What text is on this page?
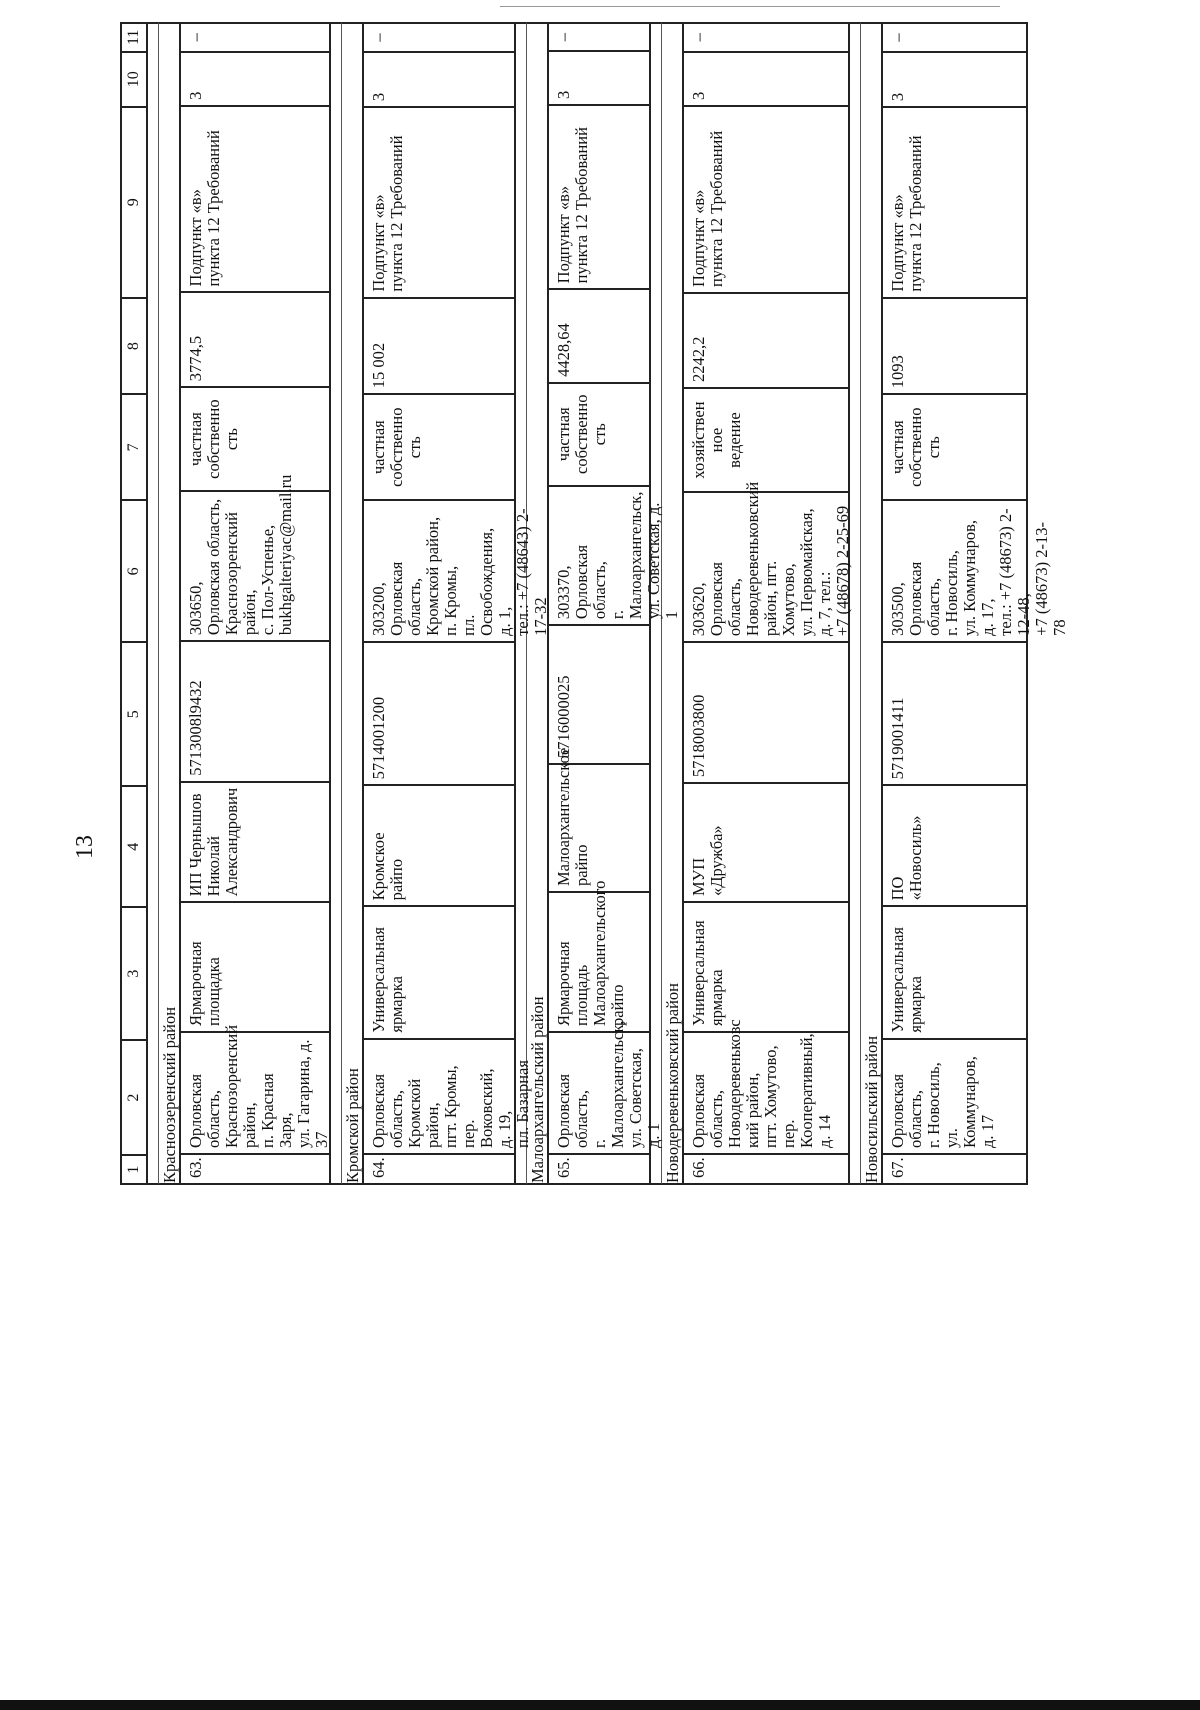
13
1
2
3
4
5
6
7
8
9
10
11
Красноозеренский район 63.
Орловская
область,
Краснозоренский
район,
п. Красная Заря,
ул. Гагарина, д. 37
Ярмарочная
площадка
ИП Чернышов
Николай
Александрович
5713008l9432
303650,
Орловская область,
Краснозоренский район,
с. Пол-Успенье,
bukhgalteriyac@mail.ru
частная
собственно
сть
3774,5
Подпункт «в»
пункта 12 Требований
3
–
Кромской район 64.
Орловская
область,
Кромской район,
пгт. Кромы,
пер. Воковский,
д. 19,
пл. Базарная
Универсальная
ярмарка
Кромское райпо
5714001200
303200,
Орловская область,
Кромской район,
п. Кромы,
пл. Освобождения,
д. 1,
тел.: +7 (48643) 2-17-32
частная
собственно
сть
15 002
Подпункт «в»
пункта 12 Требований
3
–
Малоархангельский район 65.
Орловская
область,
г.
Малоархангельск,
ул. Советская, д. 1
Ярмарочная
площадь
Малоархангельского
райпо
Малоархангельское
райпо
5716000025
303370,
Орловская область,
г. Малоархангельск,
ул. Советская, д. 1
частная
собственно
сть
4428,64
Подпункт «в»
пункта 12 Требований
3
–
Новодеревеньковский район 66.
Орловская
область,
Новодеревеньковс
кий район,
пгт. Хомутово,
пер.
Кооперативный,
д. 14
Универсальная
ярмарка
МУП «Дружба»
5718003800
303620,
Орловская
область,
Новодеревеньковский
район, пгт. Хомутово,
ул. Первомайская,
д. 7, тел.:
+7 (48678) 2-25-69
хозяйствен
ное
ведение
2242,2
Подпункт «в»
пункта 12 Требований
3
–
Новосильский район 67.
Орловская
область,
г. Новосиль,
ул. Коммунаров,
д. 17
Универсальная
ярмарка
ПО «Новосиль»
5719001411
303500,
Орловская область,
г. Новосиль,
ул. Коммунаров, д. 17,
тел.: +7 (48673) 2-12-48,
+7 (48673) 2-13-78
частная
собственно
сть
1093
Подпункт «в»
пункта 12 Требований
3
–
